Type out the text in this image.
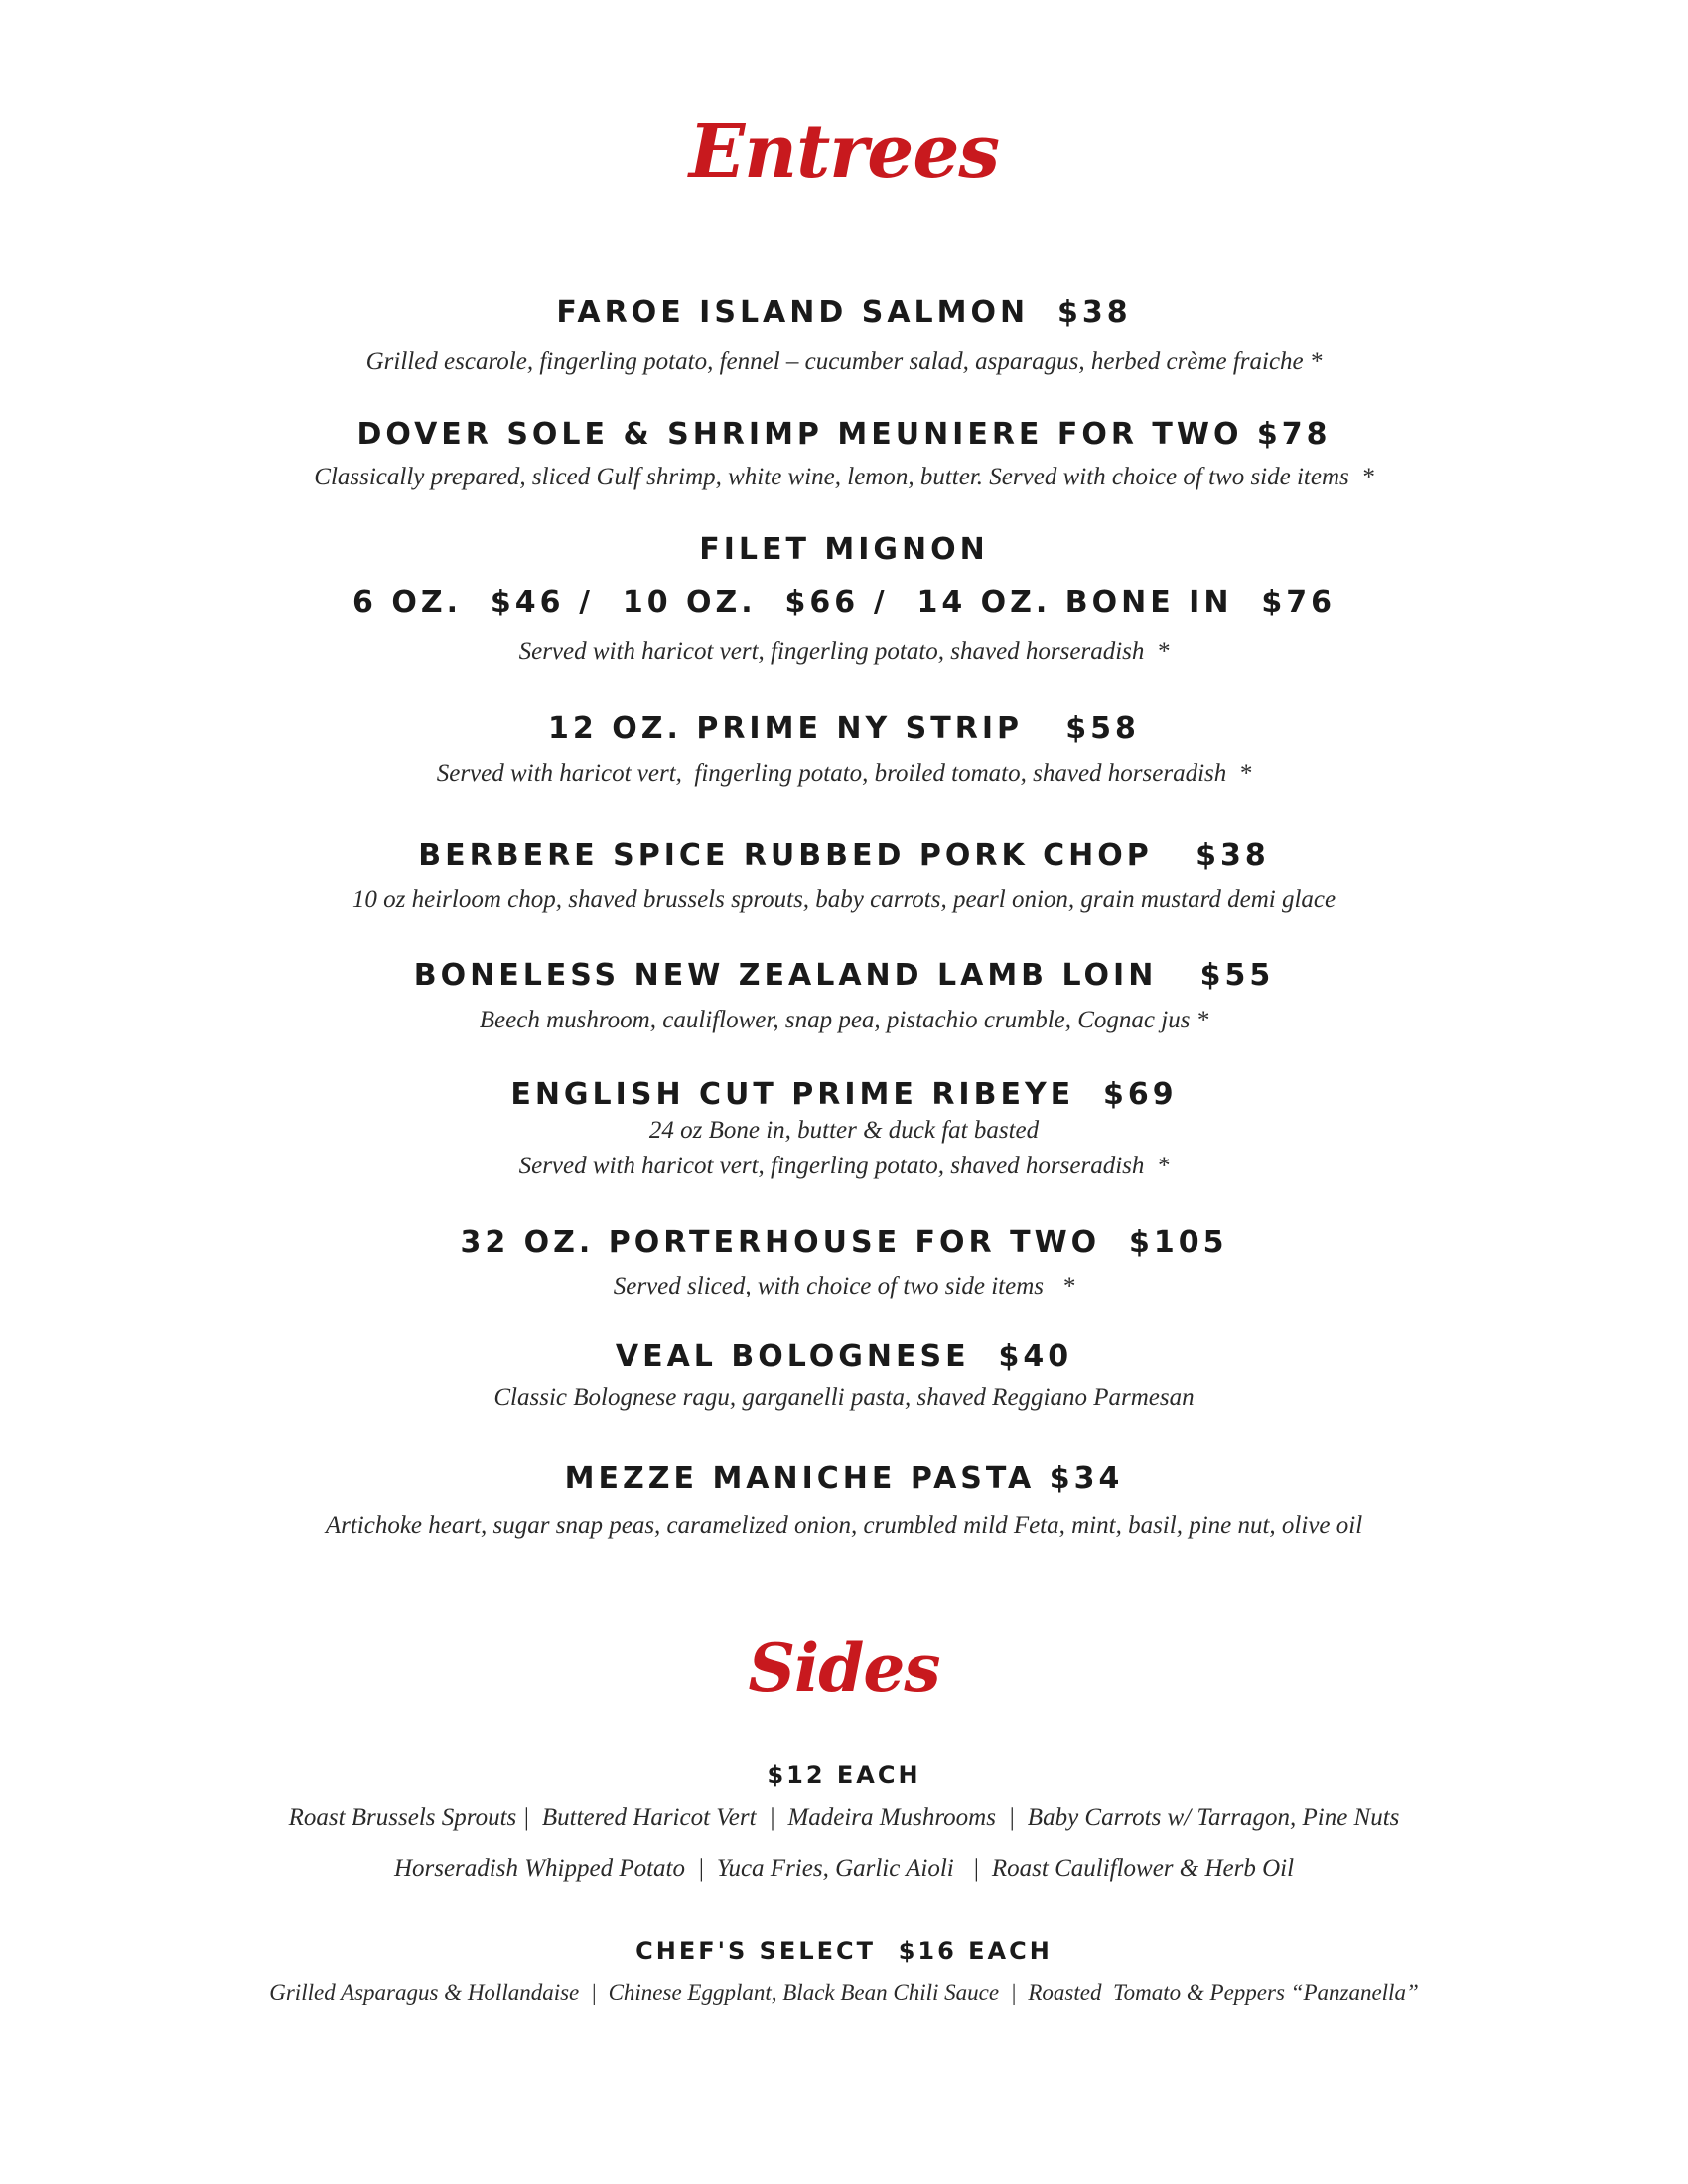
Entrees
FAROE ISLAND SALMON  $38
Grilled escarole, fingerling potato, fennel – cucumber salad, asparagus, herbed crème fraiche *
DOVER SOLE & SHRIMP MEUNIERE FOR TWO $78
Classically prepared, sliced Gulf shrimp, white wine, lemon, butter. Served with choice of two side items  *
FILET MIGNON
6 OZ.  $46 /  10 OZ.  $66 /  14 OZ. BONE IN  $76
Served with haricot vert, fingerling potato, shaved horseradish  *
12 OZ. PRIME NY STRIP   $58
Served with haricot vert,  fingerling potato, broiled tomato, shaved horseradish  *
BERBERE SPICE RUBBED PORK CHOP   $38
10 oz heirloom chop, shaved brussels sprouts, baby carrots, pearl onion, grain mustard demi glace
BONELESS NEW ZEALAND LAMB LOIN   $55
Beech mushroom, cauliflower, snap pea, pistachio crumble, Cognac jus *
ENGLISH CUT PRIME RIBEYE  $69
24 oz Bone in, butter & duck fat basted
Served with haricot vert, fingerling potato, shaved horseradish  *
32 OZ. PORTERHOUSE FOR TWO  $105
Served sliced, with choice of two side items   *
VEAL BOLOGNESE  $40
Classic Bolognese ragu, garganelli pasta, shaved Reggiano Parmesan
MEZZE MANICHE PASTA $34
Artichoke heart, sugar snap peas, caramelized onion, crumbled mild Feta, mint, basil, pine nut, olive oil
Sides
$12 EACH
Roast Brussels Sprouts |  Buttered Haricot Vert  |  Madeira Mushrooms  |  Baby Carrots w/ Tarragon, Pine Nuts
Horseradish Whipped Potato  |  Yuca Fries, Garlic Aioli   |  Roast Cauliflower & Herb Oil
CHEF'S SELECT  $16 EACH
Grilled Asparagus & Hollandaise  |  Chinese Eggplant, Black Bean Chili Sauce  |  Roasted  Tomato & Peppers “Panzanella”
